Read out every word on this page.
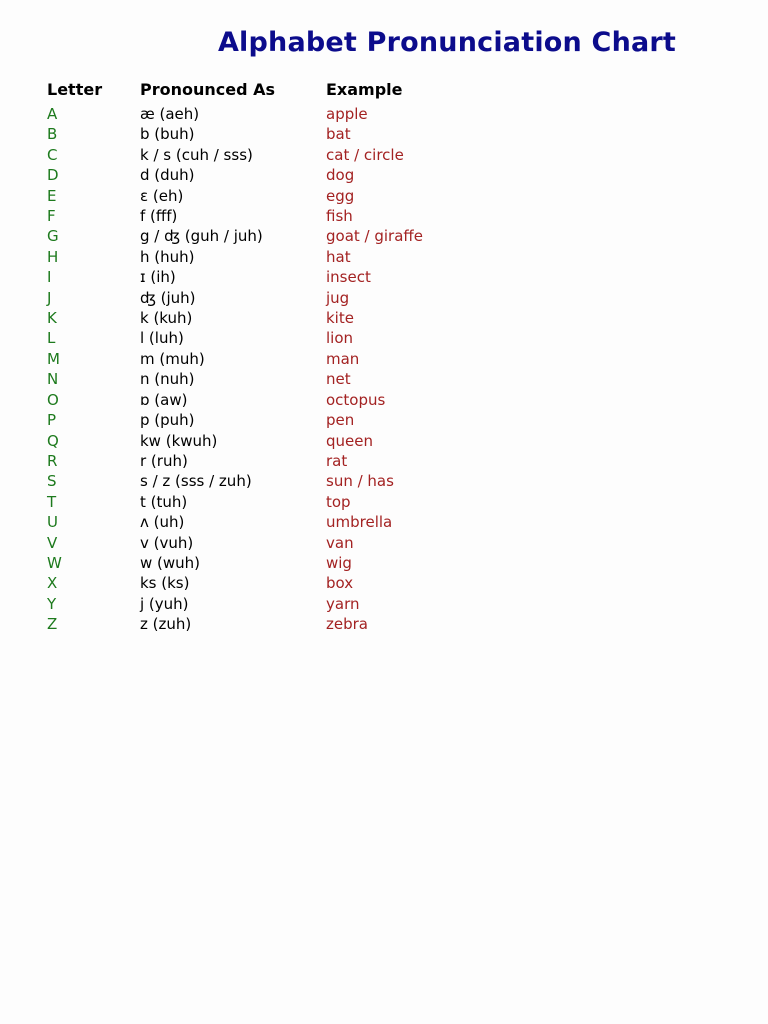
Alphabet Pronunciation Chart
Letter	Pronounced As	Example
A	æ (aeh)	apple
B	b (buh)	bat
C	k / s (cuh / sss)	cat / circle
D	d (duh)	dog
E	ɛ (eh)	egg
F	f (fff)	fish
G	g / ʤ (guh / juh)	goat / giraffe
H	h (huh)	hat
I	ɪ (ih)	insect
J	ʤ (juh)	jug
K	k (kuh)	kite
L	l (luh)	lion
M	m (muh)	man
N	n (nuh)	net
O	ɒ (aw)	octopus
P	p (puh)	pen
Q	kw (kwuh)	queen
R	r (ruh)	rat
S	s / z (sss / zuh)	sun / has
T	t (tuh)	top
U	ʌ (uh)	umbrella
V	v (vuh)	van
W	w (wuh)	wig
X	ks (ks)	box
Y	j (yuh)	yarn
Z	z (zuh)	zebra
